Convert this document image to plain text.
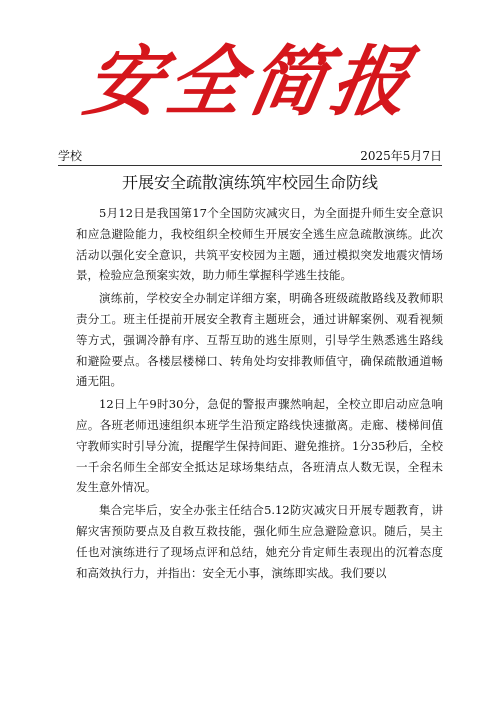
安全简报
学校	2025年5月7日
开展安全疏散演练筑牢校园生命防线

5月12日是我国第17个全国防灾减灾日，为全面提升师生安全意识和应急避险能力，我校组织全校师生开展安全逃生应急疏散演练。此次活动以强化安全意识，共筑平安校园为主题，通过模拟突发地震灾情场景，检验应急预案实效，助力师生掌握科学逃生技能。

演练前，学校安全办制定详细方案，明确各班级疏散路线及教师职责分工。班主任提前开展安全教育主题班会，通过讲解案例、观看视频等方式，强调冷静有序、互帮互助的逃生原则，引导学生熟悉逃生路线和避险要点。各楼层楼梯口、转角处均安排教师值守，确保疏散通道畅通无阻。

12日上午9时30分，急促的警报声骤然响起，全校立即启动应急响应。各班老师迅速组织本班学生沿预定路线快速撤离。走廊、楼梯间值守教师实时引导分流，提醒学生保持间距、避免推挤。1分35秒后，全校一千余名师生全部安全抵达足球场集结点，各班清点人数无误，全程未发生意外情况。

集合完毕后，安全办张主任结合5.12防灾减灾日开展专题教育，讲解灾害预防要点及自救互救技能，强化师生应急避险意识。随后，吴主任也对演练进行了现场点评和总结，她充分肯定师生表现出的沉着态度和高效执行力，并指出：安全无小事，演练即实战。我们要以
